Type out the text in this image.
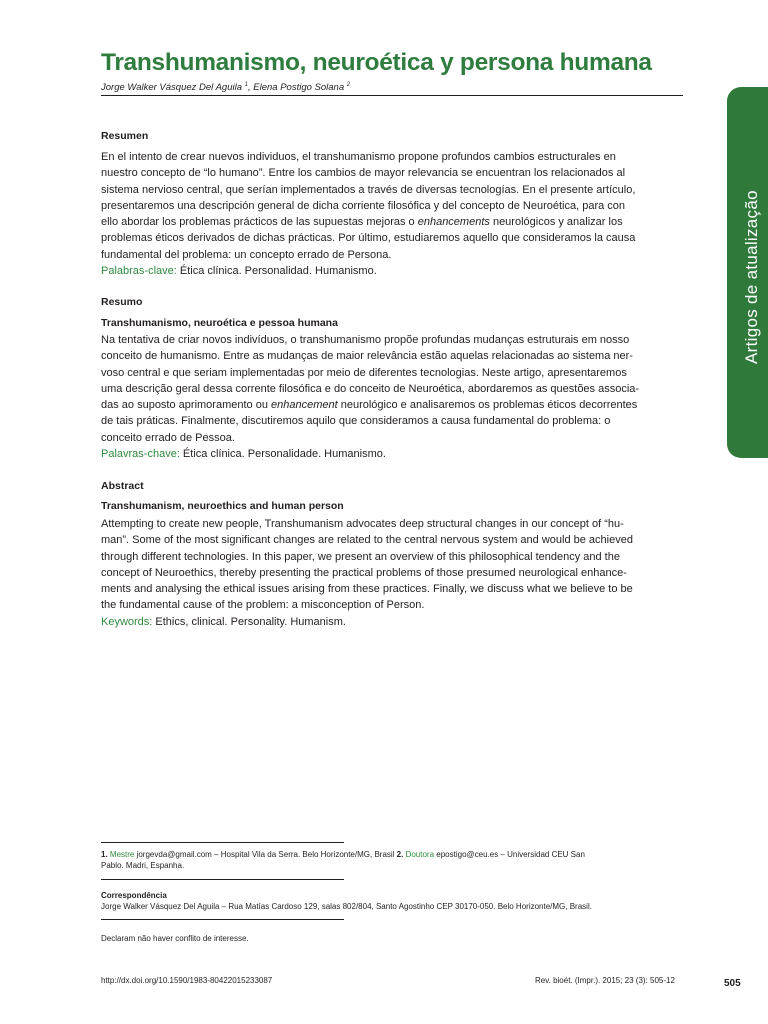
Transhumanismo, neuroética y persona humana
Jorge Walker Vásquez Del Aguila $^1$, Elena Postigo Solana $^2$
Artigos de atualização
Resumen
En el intento de crear nuevos individuos, el transhumanismo propone profundos cambios estructurales en
nuestro concepto de “lo humano”. Entre los cambios de mayor relevancia se encuentran los relacionados al
sistema nervioso central, que serían implementados a través de diversas tecnologías. En el presente artículo,
presentaremos una descripción general de dicha corriente filosófica y del concepto de Neuroética, para con
ello abordar los problemas prácticos de las supuestas mejoras o enhancements neurológicos y analizar los
problemas éticos derivados de dichas prácticas. Por último, estudiaremos aquello que consideramos la causa
fundamental del problema: un concepto errado de Persona.
Palabras-clave: Ética clínica. Personalidad. Humanismo.
Resumo
Transhumanismo, neuroética e pessoa humana
Na tentativa de criar novos indivíduos, o transhumanismo propõe profundas mudanças estruturais em nosso
conceito de humanismo. Entre as mudanças de maior relevância estão aquelas relacionadas ao sistema ner-
voso central e que seriam implementadas por meio de diferentes tecnologias. Neste artigo, apresentaremos
uma descrição geral dessa corrente filosófica e do conceito de Neuroética, abordaremos as questões associa-
das ao suposto aprimoramento ou enhancement neurológico e analisaremos os problemas éticos decorrentes
de tais práticas. Finalmente, discutiremos aquilo que consideramos a causa fundamental do problema: o
conceito errado de Pessoa.
Palavras-chave: Ética clínica. Personalidade. Humanismo.
Abstract
Transhumanism, neuroethics and human person
Attempting to create new people, Transhumanism advocates deep structural changes in our concept of “hu-
man”. Some of the most significant changes are related to the central nervous system and would be achieved
through different technologies. In this paper, we present an overview of this philosophical tendency and the
concept of Neuroethics, thereby presenting the practical problems of those presumed neurological enhance-
ments and analysing the ethical issues arising from these practices. Finally, we discuss what we believe to be
the fundamental cause of the problem: a misconception of Person.
Keywords: Ethics, clinical. Personality. Humanism.
1. Mestre jorgevda@gmail.com – Hospital Vila da Serra. Belo Horizonte/MG, Brasil 2. Doutora epostigo@ceu.es – Universidad CEU San
Pablo. Madri, Espanha.
Correspondência
Jorge Walker Vásquez Del Aguila – Rua Matías Cardoso 129, salas 802/804, Santo Agostinho CEP 30170-050. Belo Horizonte/MG, Brasil.
Declaram não haver conflito de interesse.
http://dx.doi.org/10.1590/1983-80422015233087	Rev. bioét. (Impr.). 2015; 23 (3): 505-12	505
